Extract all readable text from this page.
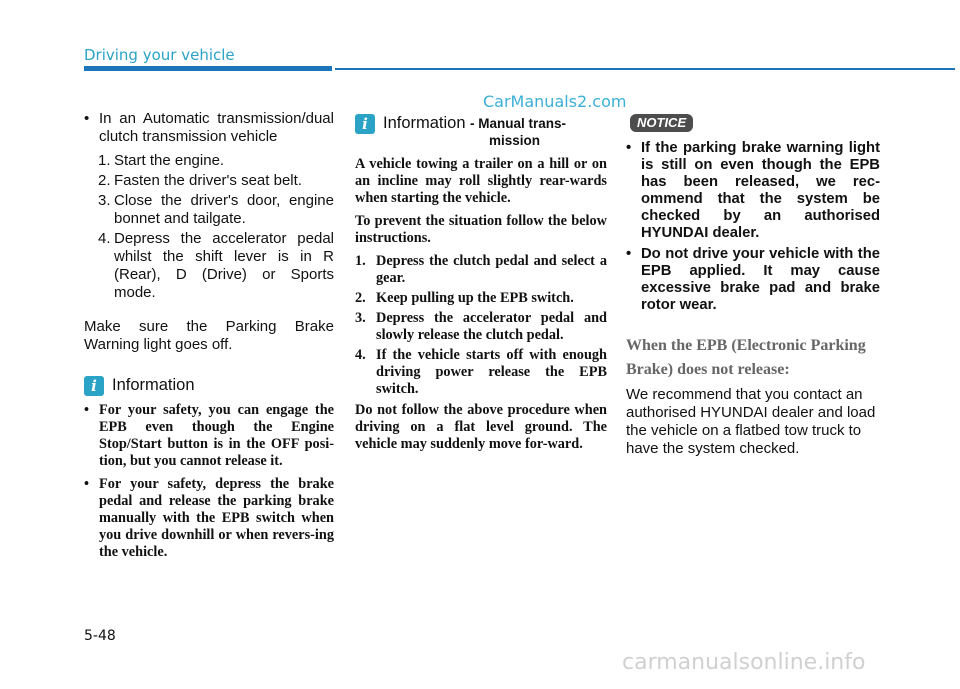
Driving your vehicle
CarManuals2.com
• In an Automatic transmission/dual clutch transmission vehicle
1. Start the engine.
2. Fasten the driver's seat belt.
3. Close the driver's door, engine bonnet and tailgate.
4. Depress the accelerator pedal whilst the shift lever is in R (Rear), D (Drive) or Sports mode.
Make sure the Parking Brake Warning light goes off.
i Information
• For your safety, you can engage the EPB even though the Engine Stop/Start button is in the OFF posi-tion, but you cannot release it.
• For your safety, depress the brake pedal and release the parking brake manually with the EPB switch when you drive downhill or when revers-ing the vehicle.
i Information - Manual trans-
mission
A vehicle towing a trailer on a hill or on an incline may roll slightly rear-wards when starting the vehicle.
To prevent the situation follow the below instructions.
1. Depress the clutch pedal and select a gear.
2. Keep pulling up the EPB switch.
3. Depress the accelerator pedal and slowly release the clutch pedal.
4. If the vehicle starts off with enough driving power release the EPB switch.
Do not follow the above procedure when driving on a flat level ground. The vehicle may suddenly move for-ward.
NOTICE
• If the parking brake warning light is still on even though the EPB has been released, we rec-ommend that the system be checked by an authorised HYUNDAI dealer.
• Do not drive your vehicle with the EPB applied. It may cause excessive brake pad and brake rotor wear.
When the EPB (Electronic Parking Brake) does not release:
We recommend that you contact an authorised HYUNDAI dealer and load the vehicle on a flatbed tow truck to have the system checked.
5-48
carmanualsonline.info
